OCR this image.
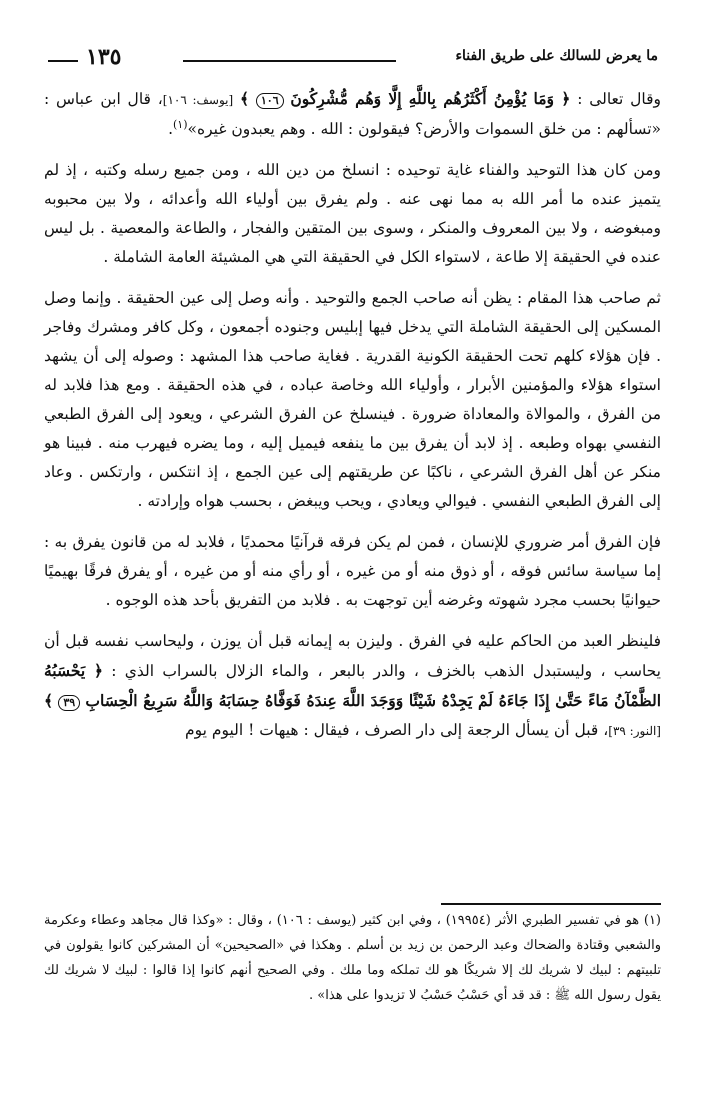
ما يعرض للسالك على طريق الفناء
١٣٥

وقال تعالى : ﴿ وَمَا يُؤْمِنُ أَكْثَرُهُم بِاللَّهِ إِلَّا وَهُم مُّشْرِكُونَ ١٠٦ ﴾ [يوسف: ١٠٦]، قال ابن عباس : «تسألهم : من خلق السموات والأرض؟ فيقولون : الله . وهم يعبدون غيره»$^{(١)}$.

ومن كان هذا التوحيد والفناء غاية توحيده : انسلخ من دين الله ، ومن جميع رسله وكتبه ، إذ لم يتميز عنده ما أمر الله به مما نهى عنه . ولم يفرق بين أولياء الله وأعدائه ، ولا بين محبوبه ومبغوضه ، ولا بين المعروف والمنكر ، وسوى بين المتقين والفجار ، والطاعة والمعصية . بل ليس عنده في الحقيقة إلا طاعة ، لاستواء الكل في الحقيقة التي هي المشيئة العامة الشاملة .

ثم صاحب هذا المقام : يظن أنه صاحب الجمع والتوحيد . وأنه وصل إلى عين الحقيقة . وإنما وصل المسكين إلى الحقيقة الشاملة التي يدخل فيها إبليس وجنوده أجمعون ، وكل كافر ومشرك وفاجر . فإن هؤلاء كلهم تحت الحقيقة الكونية القدرية . فغاية صاحب هذا المشهد : وصوله إلى أن يشهد استواء هؤلاء والمؤمنين الأبرار ، وأولياء الله وخاصة عباده ، في هذه الحقيقة . ومع هذا فلابد له من الفرق ، والموالاة والمعاداة ضرورة . فينسلخ عن الفرق الشرعي ، ويعود إلى الفرق الطبعي النفسي بهواه وطبعه . إذ لابد أن يفرق بين ما ينفعه فيميل إليه ، وما يضره فيهرب منه . فبينا هو منكر عن أهل الفرق الشرعي ، ناكبًا عن طريقتهم إلى عين الجمع ، إذ انتكس ، وارتكس . وعاد إلى الفرق الطبعي النفسي . فيوالي ويعادي ، ويحب ويبغض ، بحسب هواه وإرادته .

فإن الفرق أمر ضروري للإنسان ، فمن لم يكن فرقه قرآنيًا محمديًا ، فلابد له من قانون يفرق به : إما سياسة سائس فوقه ، أو ذوق منه أو من غيره ، أو رأي منه أو من غيره ، أو يفرق فرقًا بهيميًا حيوانيًا بحسب مجرد شهوته وغرضه أين توجهت به . فلابد من التفريق بأحد هذه الوجوه .

فلينظر العبد من الحاكم عليه في الفرق . وليزن به إيمانه قبل أن يوزن ، وليحاسب نفسه قبل أن يحاسب ، وليستبدل الذهب بالخزف ، والدر بالبعر ، والماء الزلال بالسراب الذي : ﴿ يَحْسَبُهُ الظَّمْآنُ مَاءً حَتَّىٰ إِذَا جَاءَهُ لَمْ يَجِدْهُ شَيْئًا وَوَجَدَ اللَّهَ عِندَهُ فَوَفَّاهُ حِسَابَهُ وَاللَّهُ سَرِيعُ الْحِسَابِ ٣٩ ﴾ [النور: ٣٩]، قبل أن يسأل الرجعة إلى دار الصرف ، فيقال : هيهات ! اليوم يوم

(١) هو في تفسير الطبري الأثر (١٩٩٥٤) ، وفي ابن كثير (يوسف : ١٠٦) ، وقال : «وكذا قال مجاهد وعطاء وعكرمة والشعبي وقتادة والضحاك وعبد الرحمن بن زيد بن أسلم . وهكذا في «الصحيحين» أن المشركين كانوا يقولون في تلبيتهم : لبيك لا شريك لك إلا شريكًا هو لك تملكه وما ملك . وفي الصحيح أنهم كانوا إذا قالوا : لبيك لا شريك لك يقول رسول الله ﷺ : قد قد أي حَسْبُ حَسْبُ لا تزيدوا على هذا» .
